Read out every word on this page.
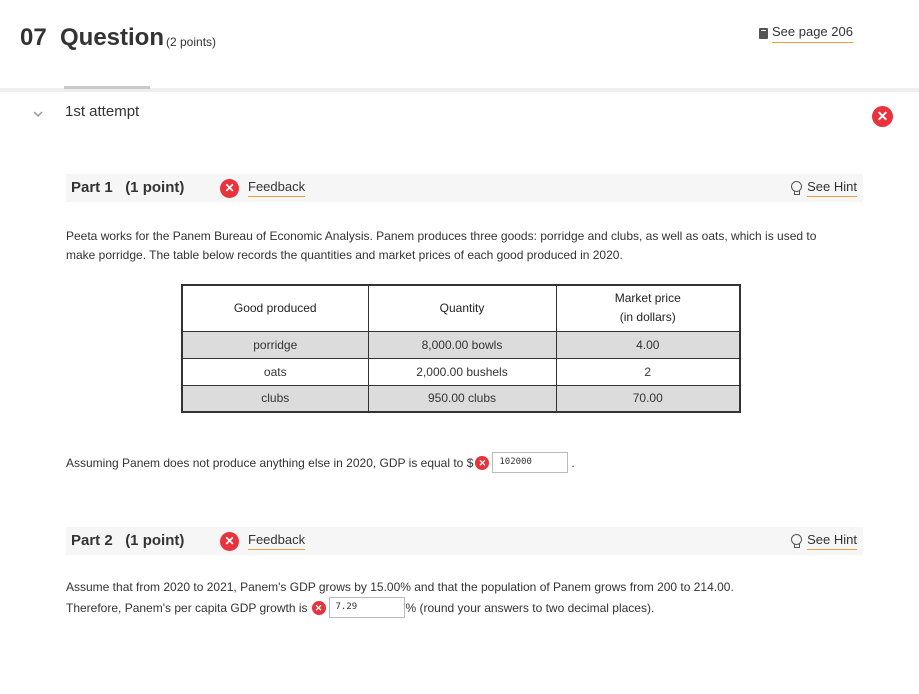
07 Question (2 points)
See page 206
1st attempt	✕
Part 1   (1 point)	✕	Feedback	See Hint

Peeta works for the Panem Bureau of Economic Analysis. Panem produces three goods: porridge and clubs, as well as oats, which is used to make porridge. The table below records the quantities and market prices of each good produced in 2020.

Good produced	Quantity	Market price
(in dollars)

porridge	8,000.00 bowls	4.00
oats	2,000.00 bushels	2
clubs	950.00 clubs	70.00
Assuming Panem does not produce anything else in 2020, GDP is equal to $ ✕	102000	.
Part 2   (1 point)	✕	Feedback	See Hint

Assume that from 2020 to 2021, Panem's GDP grows by 15.00% and that the population of Panem grows from 200 to 214.00.

Therefore, Panem's per capita GDP growth is ✕	7.29	% (round your answers to two decimal places).
